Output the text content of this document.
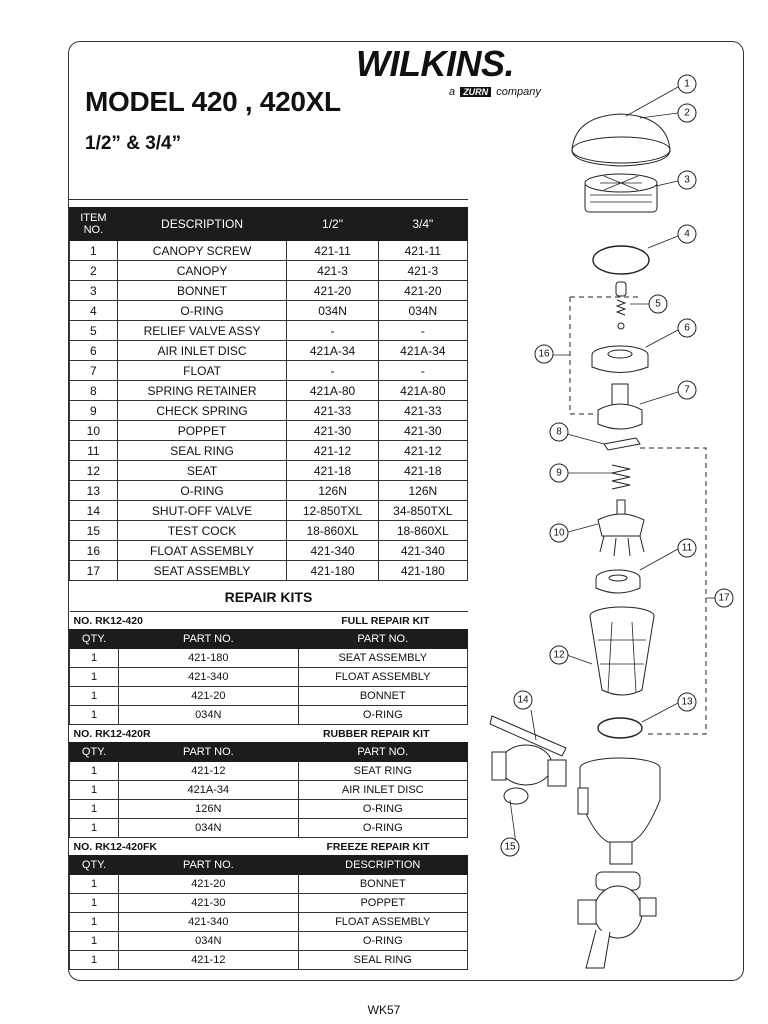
WILKINS.
a ZURN company
MODEL 420 , 420XL
1/2” & 3/4”
ITEM
NO.	DESCRIPTION	1/2"	3/4"
1	CANOPY SCREW	421-11	421-11
2	CANOPY	421-3	421-3
3	BONNET	421-20	421-20
4	O-RING	034N	034N
5	RELIEF VALVE ASSY	-	-
6	AIR INLET DISC	421A-34	421A-34
7	FLOAT	-	-
8	SPRING RETAINER	421A-80	421A-80
9	CHECK SPRING	421-33	421-33
10	POPPET	421-30	421-30
11	SEAL RING	421-12	421-12
12	SEAT	421-18	421-18
13	O-RING	126N	126N
14	SHUT-OFF VALVE	12-850TXL	34-850TXL
15	TEST COCK	18-860XL	18-860XL
16	FLOAT ASSEMBLY	421-340	421-340
17	SEAT ASSEMBLY	421-180	421-180
REPAIR KITS
NO. RK12-420		FULL REPAIR KIT
QTY.	PART NO.	PART NO.
1	421-180	SEAT ASSEMBLY
1	421-340	FLOAT ASSEMBLY
1	421-20	BONNET
1	034N	O-RING
NO. RK12-420R		RUBBER REPAIR KIT
QTY.	PART NO.	PART NO.
1	421-12	SEAT RING
1	421A-34	AIR INLET DISC
1	126N	O-RING
1	034N	O-RING
NO. RK12-420FK		FREEZE REPAIR KIT
QTY.	PART NO.	DESCRIPTION
1	421-20	BONNET
1	421-30	POPPET
1	421-340	FLOAT ASSEMBLY
1	034N	O-RING
1	421-12	SEAL RING
1
2
3
4
5
6
7
8
9
10
11
12
13
14
15
16
17
WK57
